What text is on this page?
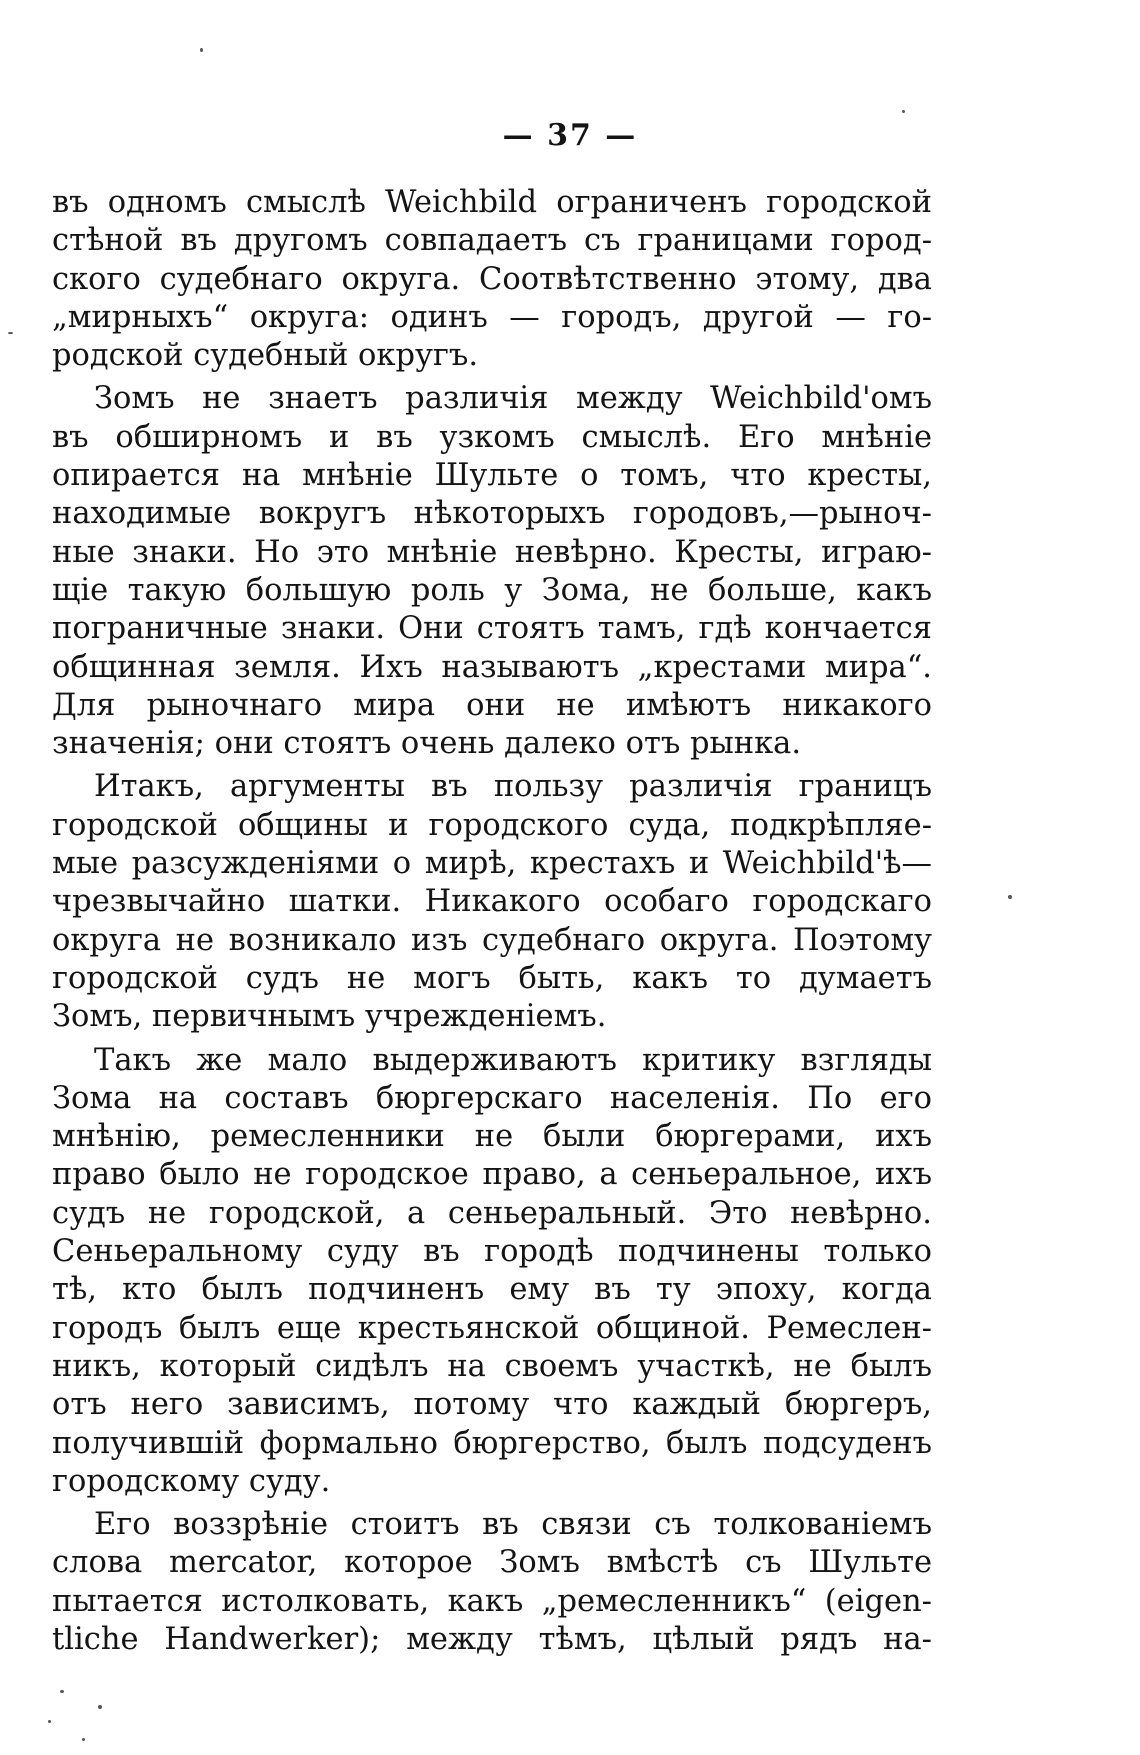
— 37 —
въ одномъ смыслѣ Weichbild ограниченъ городской
стѣной въ другомъ совпадаетъ съ границами город-
ского судебнаго округа. Соотвѣтственно этому, два
„мирныхъ“ округа: одинъ — городъ, другой — го-
родской судебный округъ.
Зомъ не знаетъ различія между Weichbild'омъ
въ обширномъ и въ узкомъ смыслѣ. Его мнѣніе
опирается на мнѣніе Шульте о томъ, что кресты,
находимые вокругъ нѣкоторыхъ городовъ,—рыноч-
ные знаки. Но это мнѣніе невѣрно. Кресты, играю-
щіе такую большую роль у Зома, не больше, какъ
пограничные знаки. Они стоятъ тамъ, гдѣ кончается
общинная земля. Ихъ называютъ „крестами мира“.
Для рыночнаго мира они не имѣютъ никакого
значенія; они стоятъ очень далеко отъ рынка.
Итакъ, аргументы въ пользу различія границъ
городской общины и городского суда, подкрѣпляе-
мые разсужденіями о мирѣ, крестахъ и Weichbild'ѣ—
чрезвычайно шатки. Никакого особаго городскаго
округа не возникало изъ судебнаго округа. Поэтому
городской судъ не могъ быть, какъ то думаетъ
Зомъ, первичнымъ учрежденіемъ.
Такъ же мало выдерживаютъ критику взгляды
Зома на составъ бюргерскаго населенія. По его
мнѣнію, ремесленники не были бюргерами, ихъ
право было не городское право, а сеньеральное, ихъ
судъ не городской, а сеньеральный. Это невѣрно.
Сеньеральному суду въ городѣ подчинены только
тѣ, кто былъ подчиненъ ему въ ту эпоху, когда
городъ былъ еще крестьянской общиной. Ремеслен-
никъ, который сидѣлъ на своемъ участкѣ, не былъ
отъ него зависимъ, потому что каждый бюргеръ,
получившій формально бюргерство, былъ подсуденъ
городскому суду.
Его воззрѣніе стоитъ въ связи съ толкованіемъ
слова mercator, которое Зомъ вмѣстѣ съ Шульте
пытается истолковать, какъ „ремесленникъ“ (eigen-
tliche Handwerker); между тѣмъ, цѣлый рядъ на-
